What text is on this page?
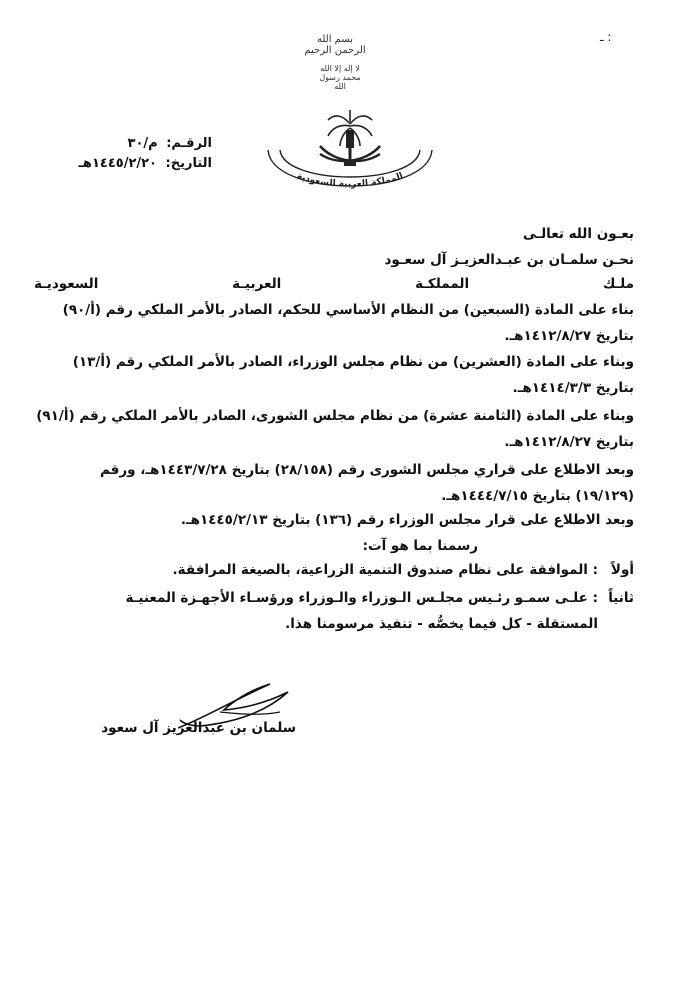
ـ :
بسم الله الرحمن الرحيم
لا إله إلا الله محمد رسول الله
المملكة العربية السعودية
الرقـم: م/٣٠
التاريخ: ١٤٤٥/٢/٢٠هـ
بعـون الله تعالـى
نحـن سلمـان بن عبـدالعزيـز آل سعـود
ملـك المملكـة العربيـة السعوديـة
بناء على المادة (السبعين) من النظام الأساسي للحكم، الصادر بالأمر الملكي رقم (أ/٩٠)
بتاريخ ١٤١٢/٨/٢٧هـ.
وبناء على المادة (العشرين) من نظام مجلس الوزراء، الصادر بالأمر الملكي رقم (أ/١٣)
بتاريخ ١٤١٤/٣/٣هـ.
وبناء على المادة (الثامنة عشرة) من نظام مجلس الشورى، الصادر بالأمر الملكي رقم (أ/٩١)
بتاريخ ١٤١٢/٨/٢٧هـ.
وبعد الاطلاع على قراري مجلس الشورى رقم (٢٨/١٥٨) بتاريخ ١٤٤٣/٧/٢٨هـ، ورقم
(١٩/١٢٩) بتاريخ ١٤٤٤/٧/١٥هـ.
وبعد الاطلاع على قرار مجلس الوزراء رقم (١٣٦) بتاريخ ١٤٤٥/٢/١٣هـ.
رسمنا بما هو آت:
أولاً
: الموافقة على نظام صندوق التنمية الزراعية، بالصيغة المرافقة.
ثانياً
: علـى سمـو رئـيس مجلـس الـوزراء والـوزراء ورؤسـاء الأجهـزة المعنيـة
المستقلة - كل فيما يخصُّه - تنفيذ مرسومنا هذا.
سلمان بن عبدالعزيز آل سعود
